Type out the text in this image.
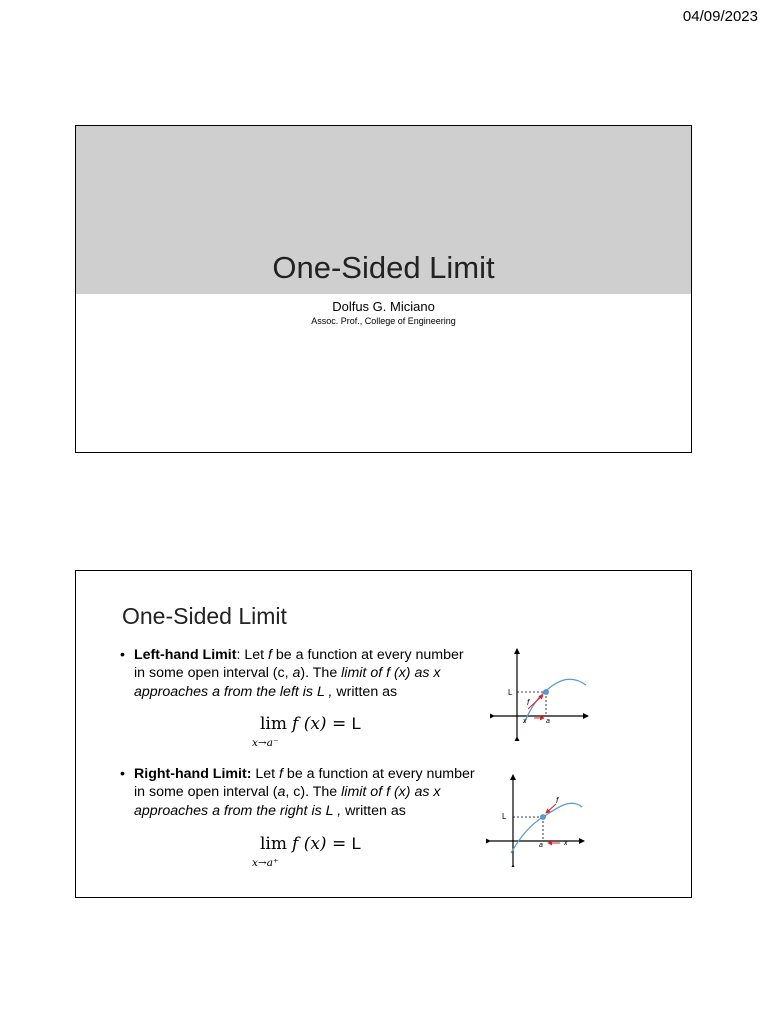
04/09/2023
One-Sided Limit
Dolfus G. Miciano
Assoc. Prof., College of Engineering
One-Sided Limit
• Left-hand Limit: Let f be a function at every number in some open interval (c, a). The limit of f (x) as x approaches a from the left is L , written as
lim
x→a⁻
f (x) = L
L
f
x	a
• Right-hand Limit: Let f be a function at every number in some open interval (a, c). The limit of f (x) as x approaches a from the right is L , written as
lim
x→a⁺
f (x) = L
L
f
x
a
